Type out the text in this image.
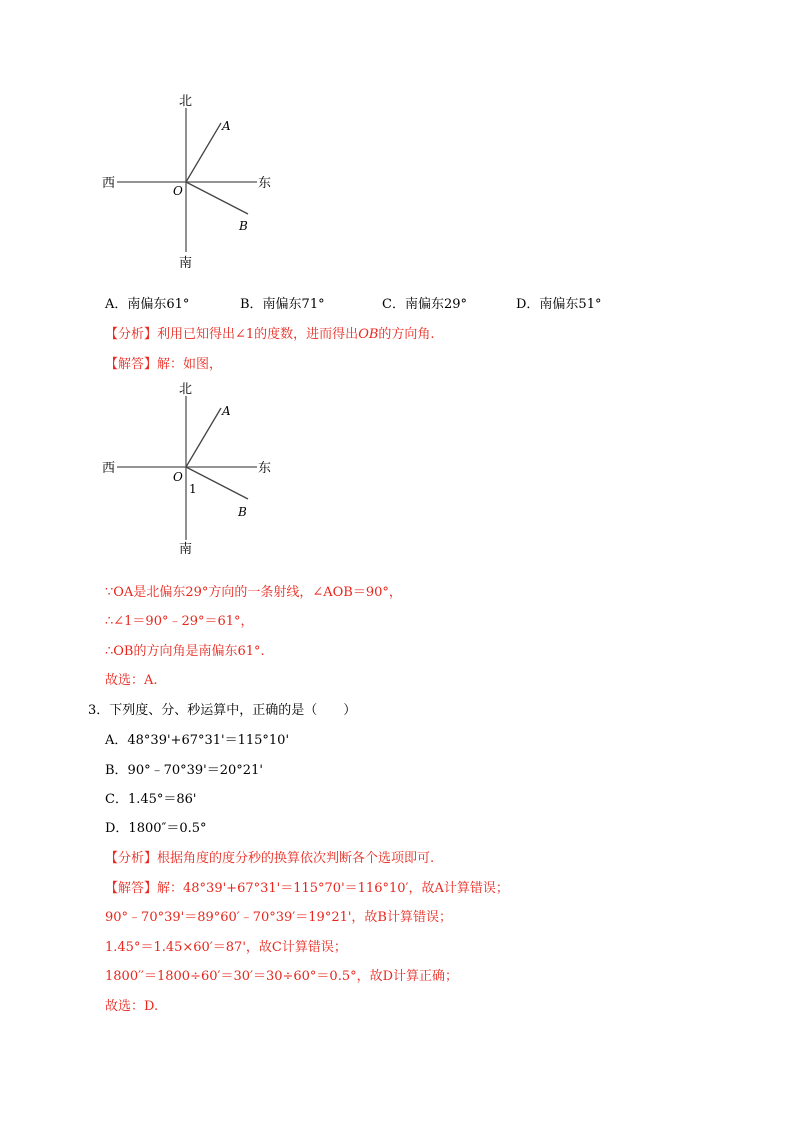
北
南
东
西	O
A
B
A．南偏东61°	B．南偏东71°	C．南偏东29°	D．南偏东51°
【分析】利用已知得出∠1的度数，进而得出OB的方向角.
【解答】解：如图，
北
南
东
西
O
A
B
1
∵OA是北偏东29°方向的一条射线，∠AOB＝90°，
∴∠1＝90°﹣29°＝61°，
∴OB的方向角是南偏东61°.
故选：A.
3．下列度、分、秒运算中，正确的是（　　）
A．48°39'+67°31'＝115°10'
B．90°﹣70°39'＝20°21'
C．1.45°＝86'
D．1800″＝0.5°
【分析】根据角度的度分秒的换算依次判断各个选项即可.
【解答】解：48°39'+67°31'＝115°70'＝116°10′，故A计算错误；
90°﹣70°39'＝89°60′﹣70°39′＝19°21'，故B计算错误；
1.45°＝1.45×60′＝87'，故C计算错误；
1800′′＝1800÷60′＝30′＝30÷60°＝0.5°，故D计算正确；
故选：D.
